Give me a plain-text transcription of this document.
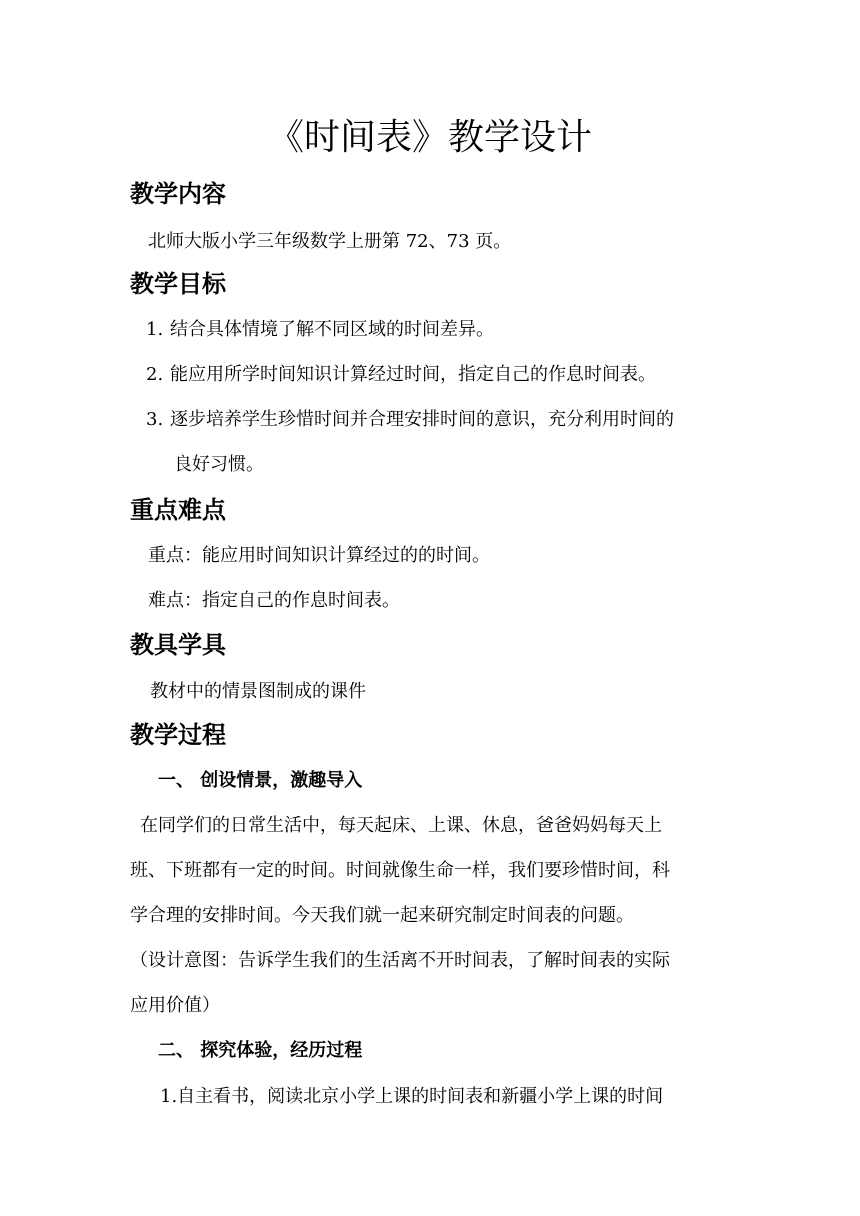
《时间表》教学设计
教学内容

北师大版小学三年级数学上册第 72、73 页。

教学目标

1. 结合具体情境了解不同区域的时间差异。

2. 能应用所学时间知识计算经过时间，指定自己的作息时间表。

3. 逐步培养学生珍惜时间并合理安排时间的意识，充分利用时间的

良好习惯。

重点难点

重点：能应用时间知识计算经过的的时间。

难点：指定自己的作息时间表。

教具学具

教材中的情景图制成的课件

教学过程

一、 创设情景，激趣导入

在同学们的日常生活中，每天起床、上课、休息，爸爸妈妈每天上

班、下班都有一定的时间。时间就像生命一样，我们要珍惜时间，科

学合理的安排时间。今天我们就一起来研究制定时间表的问题。

（设计意图：告诉学生我们的生活离不开时间表，了解时间表的实际

应用价值）

二、 探究体验，经历过程

1.自主看书，阅读北京小学上课的时间表和新疆小学上课的时间
